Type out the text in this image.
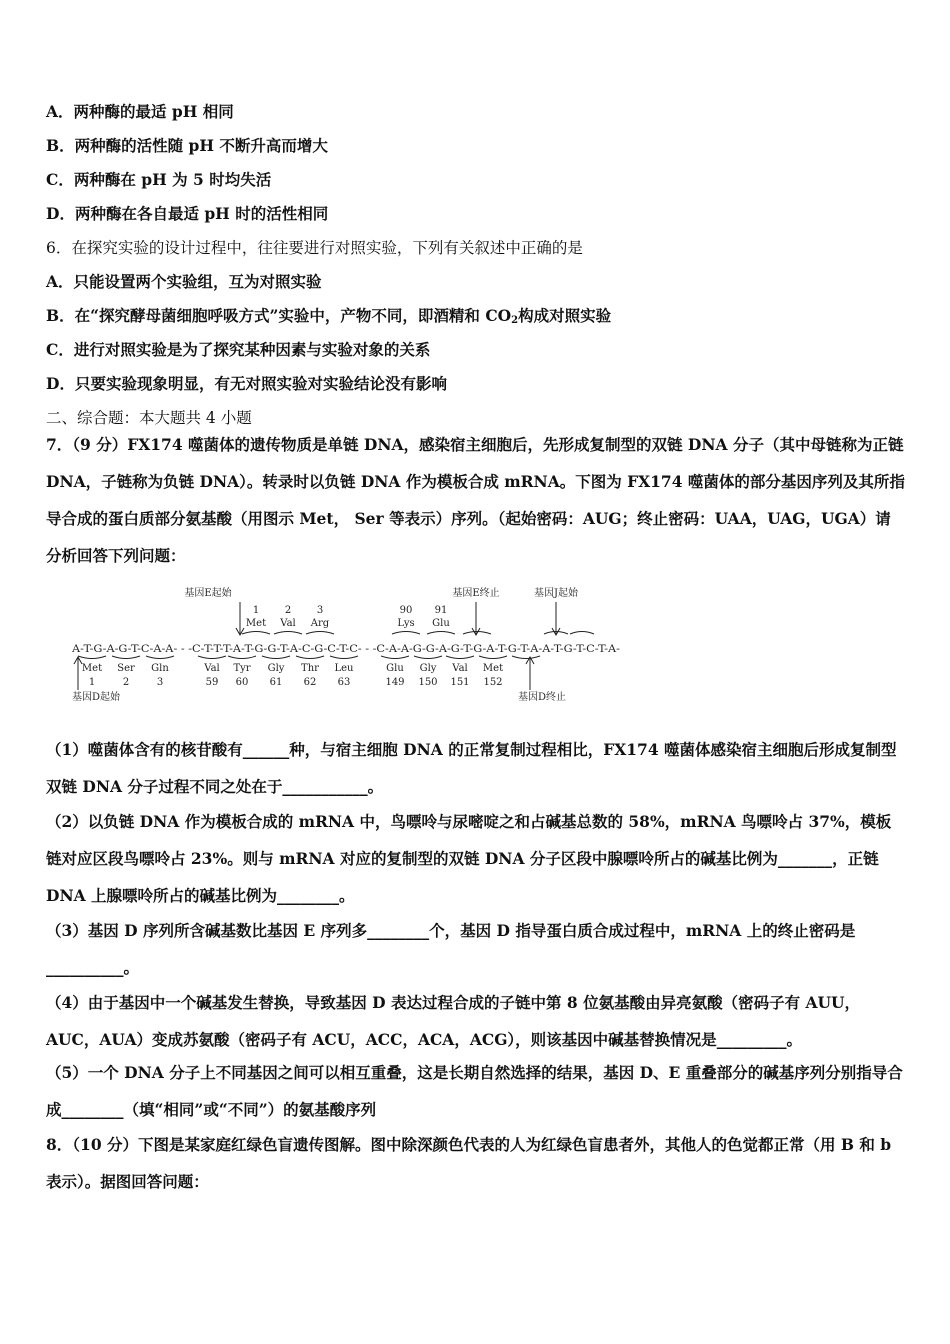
A．两种酶的最适 pH 相同
B．两种酶的活性随 pH 不断升高而增大
C．两种酶在 pH 为 5 时均失活
D．两种酶在各自最适 pH 时的活性相同
6．在探究实验的设计过程中，往往要进行对照实验，下列有关叙述中正确的是
A．只能设置两个实验组，互为对照实验
B．在“探究酵母菌细胞呼吸方式”实验中，产物不同，即酒精和 $CO_2$构成对照实验
C．进行对照实验是为了探究某种因素与实验对象的关系
D．只要实验现象明显，有无对照实验对实验结论没有影响
二、综合题：本大题共 4 小题
7．（9 分）FX174 噬菌体的遗传物质是单链 DNA，感染宿主细胞后，先形成复制型的双链 DNA 分子（其中母链称为正链 DNA，子链称为负链 DNA）。转录时以负链 DNA 作为模板合成 mRNA。下图为 FX174 噬菌体的部分基因序列及其所指导合成的蛋白质部分氨基酸（用图示 Met， Ser 等表示）序列。（起始密码：AUG；终止密码：UAA，UAG，UGA）请分析回答下列问题：
基因E起始	基因E终止	基因J起始
1	2	3	90 91
Met Val Arg	Lys Glu
A-T-G-A-G-T-C-A-A- - -C-T-T-T-A-T-G-G-T-A-C-G-C-T-C- - -C-A-A-G-G-A-G-T-G-A-T-G-T-A-A-T-G-T-C-T-A-
Met Ser Gln	Val Tyr Gly Thr Leu	Glu Gly Val Met
1	2	3	59 60 61 62 63	149 150 151 152
基因D起始	基因D终止
（1）噬菌体含有的核苷酸有______种，与宿主细胞 DNA 的正常复制过程相比，FX174 噬菌体感染宿主细胞后形成复制型双链 DNA 分子过程不同之处在于___________。
（2）以负链 DNA 作为模板合成的 mRNA 中，鸟嘌呤与尿嘧啶之和占碱基总数的 58%，mRNA 鸟嘌呤占 37%，模板链对应区段鸟嘌呤占 23%。则与 mRNA 对应的复制型的双链 DNA 分子区段中腺嘌呤所占的碱基比例为_______，正链 DNA 上腺嘌呤所占的碱基比例为________。
（3）基因 D 序列所含碱基数比基因 E 序列多________个，基因 D 指导蛋白质合成过程中，mRNA 上的终止密码是__________。
（4）由于基因中一个碱基发生替换，导致基因 D 表达过程合成的子链中第 8 位氨基酸由异亮氨酸（密码子有 AUU，AUC，AUA）变成苏氨酸（密码子有 ACU，ACC，ACA，ACG），则该基因中碱基替换情况是_________。
（5）一个 DNA 分子上不同基因之间可以相互重叠，这是长期自然选择的结果，基因 D、E 重叠部分的碱基序列分别指导合成________（填“相同”或“不同”）的氨基酸序列
8．（10 分）下图是某家庭红绿色盲遗传图解。图中除深颜色代表的人为红绿色盲患者外，其他人的色觉都正常（用 B 和 b 表示）。据图回答问题：
